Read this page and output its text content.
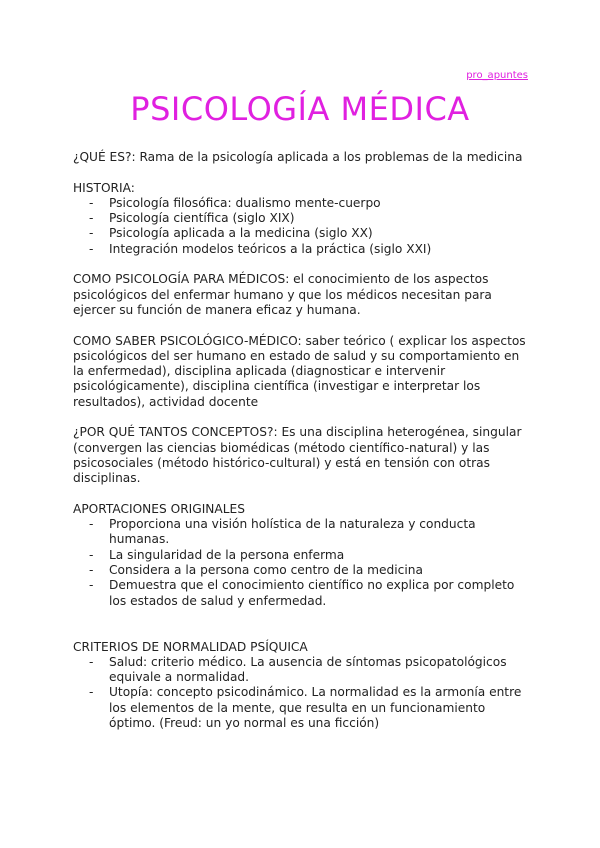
pro_apuntes
PSICOLOGÍA MÉDICA

¿QUÉ ES?: Rama de la psicología aplicada a los problemas de la medicina

HISTORIA:

- Psicología filosófica: dualismo mente-cuerpo
- Psicología científica (siglo XIX)
- Psicología aplicada a la medicina (siglo XX)
- Integración modelos teóricos a la práctica (siglo XXI)

COMO PSICOLOGÍA PARA MÉDICOS: el conocimiento de los aspectos psicológicos del enfermar humano y que los médicos necesitan para ejercer su función de manera eficaz y humana.

COMO SABER PSICOLÓGICO-MÉDICO: saber teórico ( explicar los aspectos psicológicos del ser humano en estado de salud y su comportamiento en la enfermedad), disciplina aplicada (diagnosticar e intervenir psicológicamente), disciplina científica (investigar e interpretar los resultados), actividad docente

¿POR QUÉ TANTOS CONCEPTOS?: Es una disciplina heterogénea, singular (convergen las ciencias biomédicas (método científico-natural) y las psicosociales (método histórico-cultural) y está en tensión con otras disciplinas.

APORTACIONES ORIGINALES

- Proporciona una visión holística de la naturaleza y conducta humanas.
- La singularidad de la persona enferma
- Considera a la persona como centro de la medicina
- Demuestra que el conocimiento científico no explica por completo los estados de salud y enfermedad.

CRITERIOS DE NORMALIDAD PSÍQUICA

- Salud: criterio médico. La ausencia de síntomas psicopatológicos equivale a normalidad.
- Utopía: concepto psicodinámico. La normalidad es la armonía entre los elementos de la mente, que resulta en un funcionamiento óptimo. (Freud: un yo normal es una ficción)
